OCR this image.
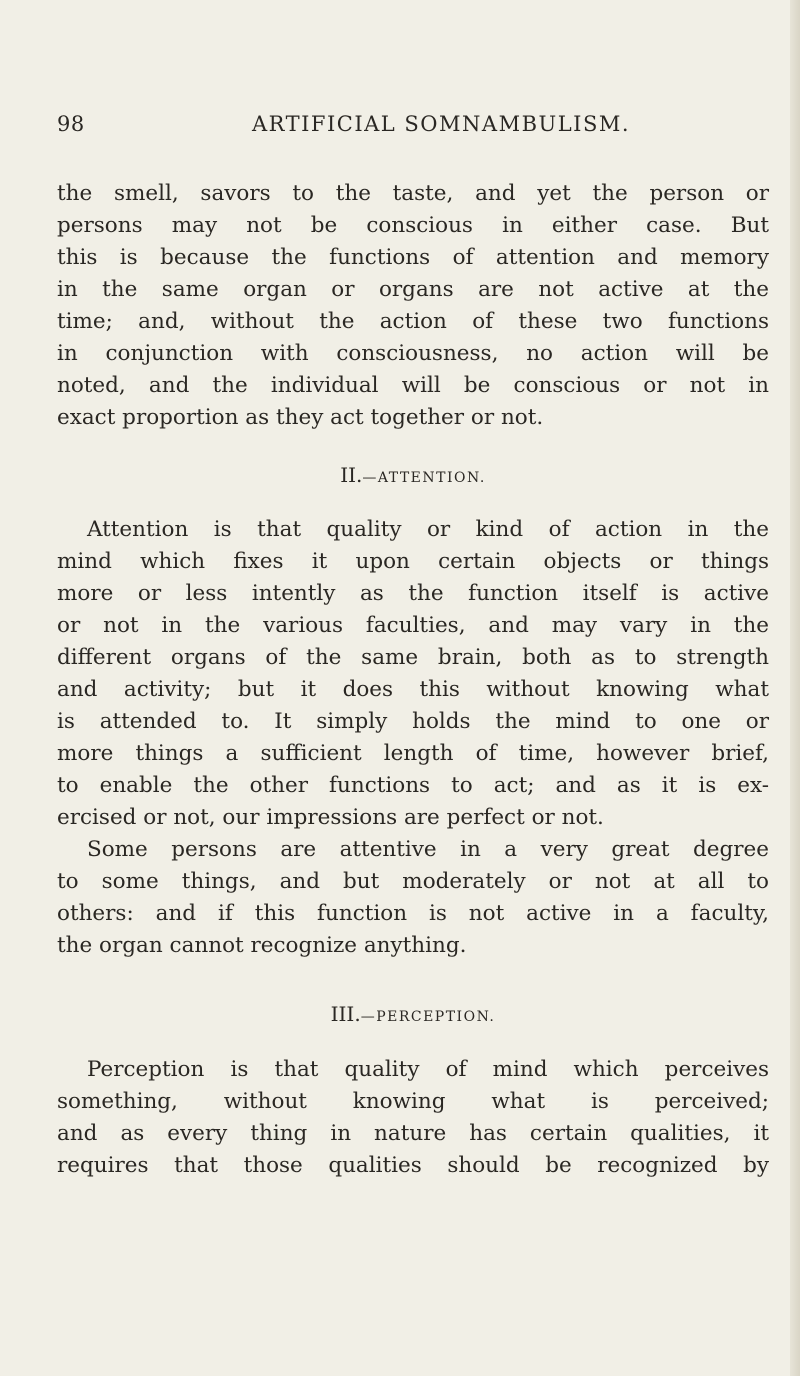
98	ARTIFICIAL SOMNAMBULISM.
the smell, savors to the taste, and yet the person or
persons may not be conscious in either case. But
this is because the functions of attention and memory
in the same organ or organs are not active at the
time; and, without the action of these two functions
in conjunction with consciousness, no action will be
noted, and the individual will be conscious or not in
exact proportion as they act together or not.
II.—ATTENTION.
Attention is that quality or kind of action in the
mind which fixes it upon certain objects or things
more or less intently as the function itself is active
or not in the various faculties, and may vary in the
different organs of the same brain, both as to strength
and activity; but it does this without knowing what
is attended to. It simply holds the mind to one or
more things a sufficient length of time, however brief,
to enable the other functions to act; and as it is ex-
ercised or not, our impressions are perfect or not.
Some persons are attentive in a very great degree
to some things, and but moderately or not at all to
others: and if this function is not active in a faculty,
the organ cannot recognize anything.
III.—PERCEPTION.
Perception is that quality of mind which perceives
something, without knowing what is perceived;
and as every thing in nature has certain qualities, it
requires that those qualities should be recognized by
